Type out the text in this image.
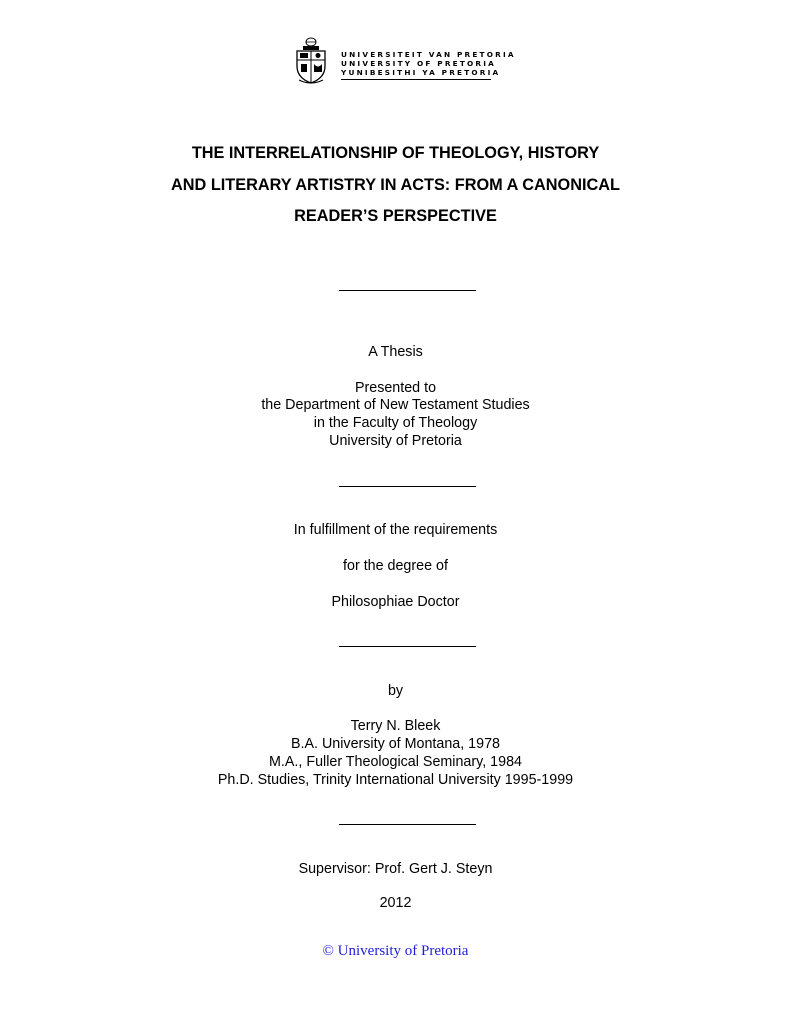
UNIVERSITEIT VAN PRETORIA
UNIVERSITY OF PRETORIA
YUNIBESITHI YA PRETORIA
THE INTERRELATIONSHIP OF THEOLOGY, HISTORY
AND LITERARY ARTISTRY IN ACTS: FROM A CANONICAL
READER’S PERSPECTIVE
A Thesis
Presented to
the Department of New Testament Studies
in the Faculty of Theology
University of Pretoria
In fulfillment of the requirements
for the degree of
Philosophiae Doctor
by
Terry N. Bleek
B.A. University of Montana, 1978
M.A., Fuller Theological Seminary, 1984
Ph.D. Studies, Trinity International University 1995-1999
Supervisor: Prof. Gert J. Steyn
2012
© University of Pretoria
